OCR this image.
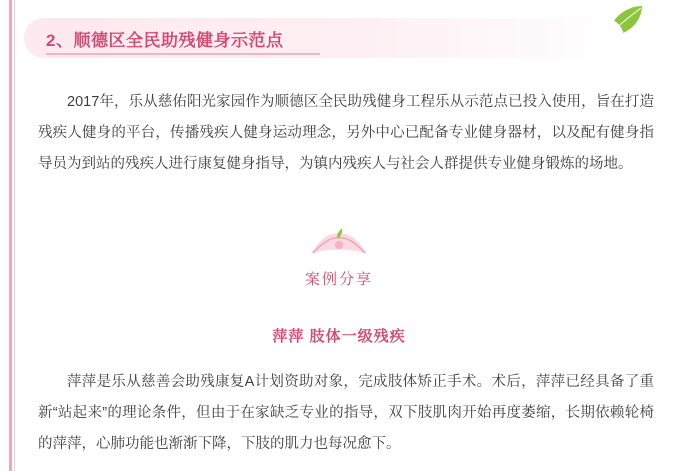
2、顺德区全民助残健身示范点

2017年，乐从慈佑阳光家园作为顺德区全民助残健身工程乐从示范点已投入使用，旨在打造残疾人健身的平台，传播残疾人健身运动理念，另外中心已配备专业健身器材，以及配有健身指导员为到站的残疾人进行康复健身指导，为镇内残疾人与社会人群提供专业健身锻炼的场地。

案例分享
萍萍 肢体一级残疾

萍萍是乐从慈善会助残康复A计划资助对象，完成肢体矫正手术。术后，萍萍已经具备了重新“站起来”的理论条件，但由于在家缺乏专业的指导，双下肢肌肉开始再度萎缩，长期依赖轮椅的萍萍，心肺功能也渐渐下降，下肢的肌力也每况愈下。
